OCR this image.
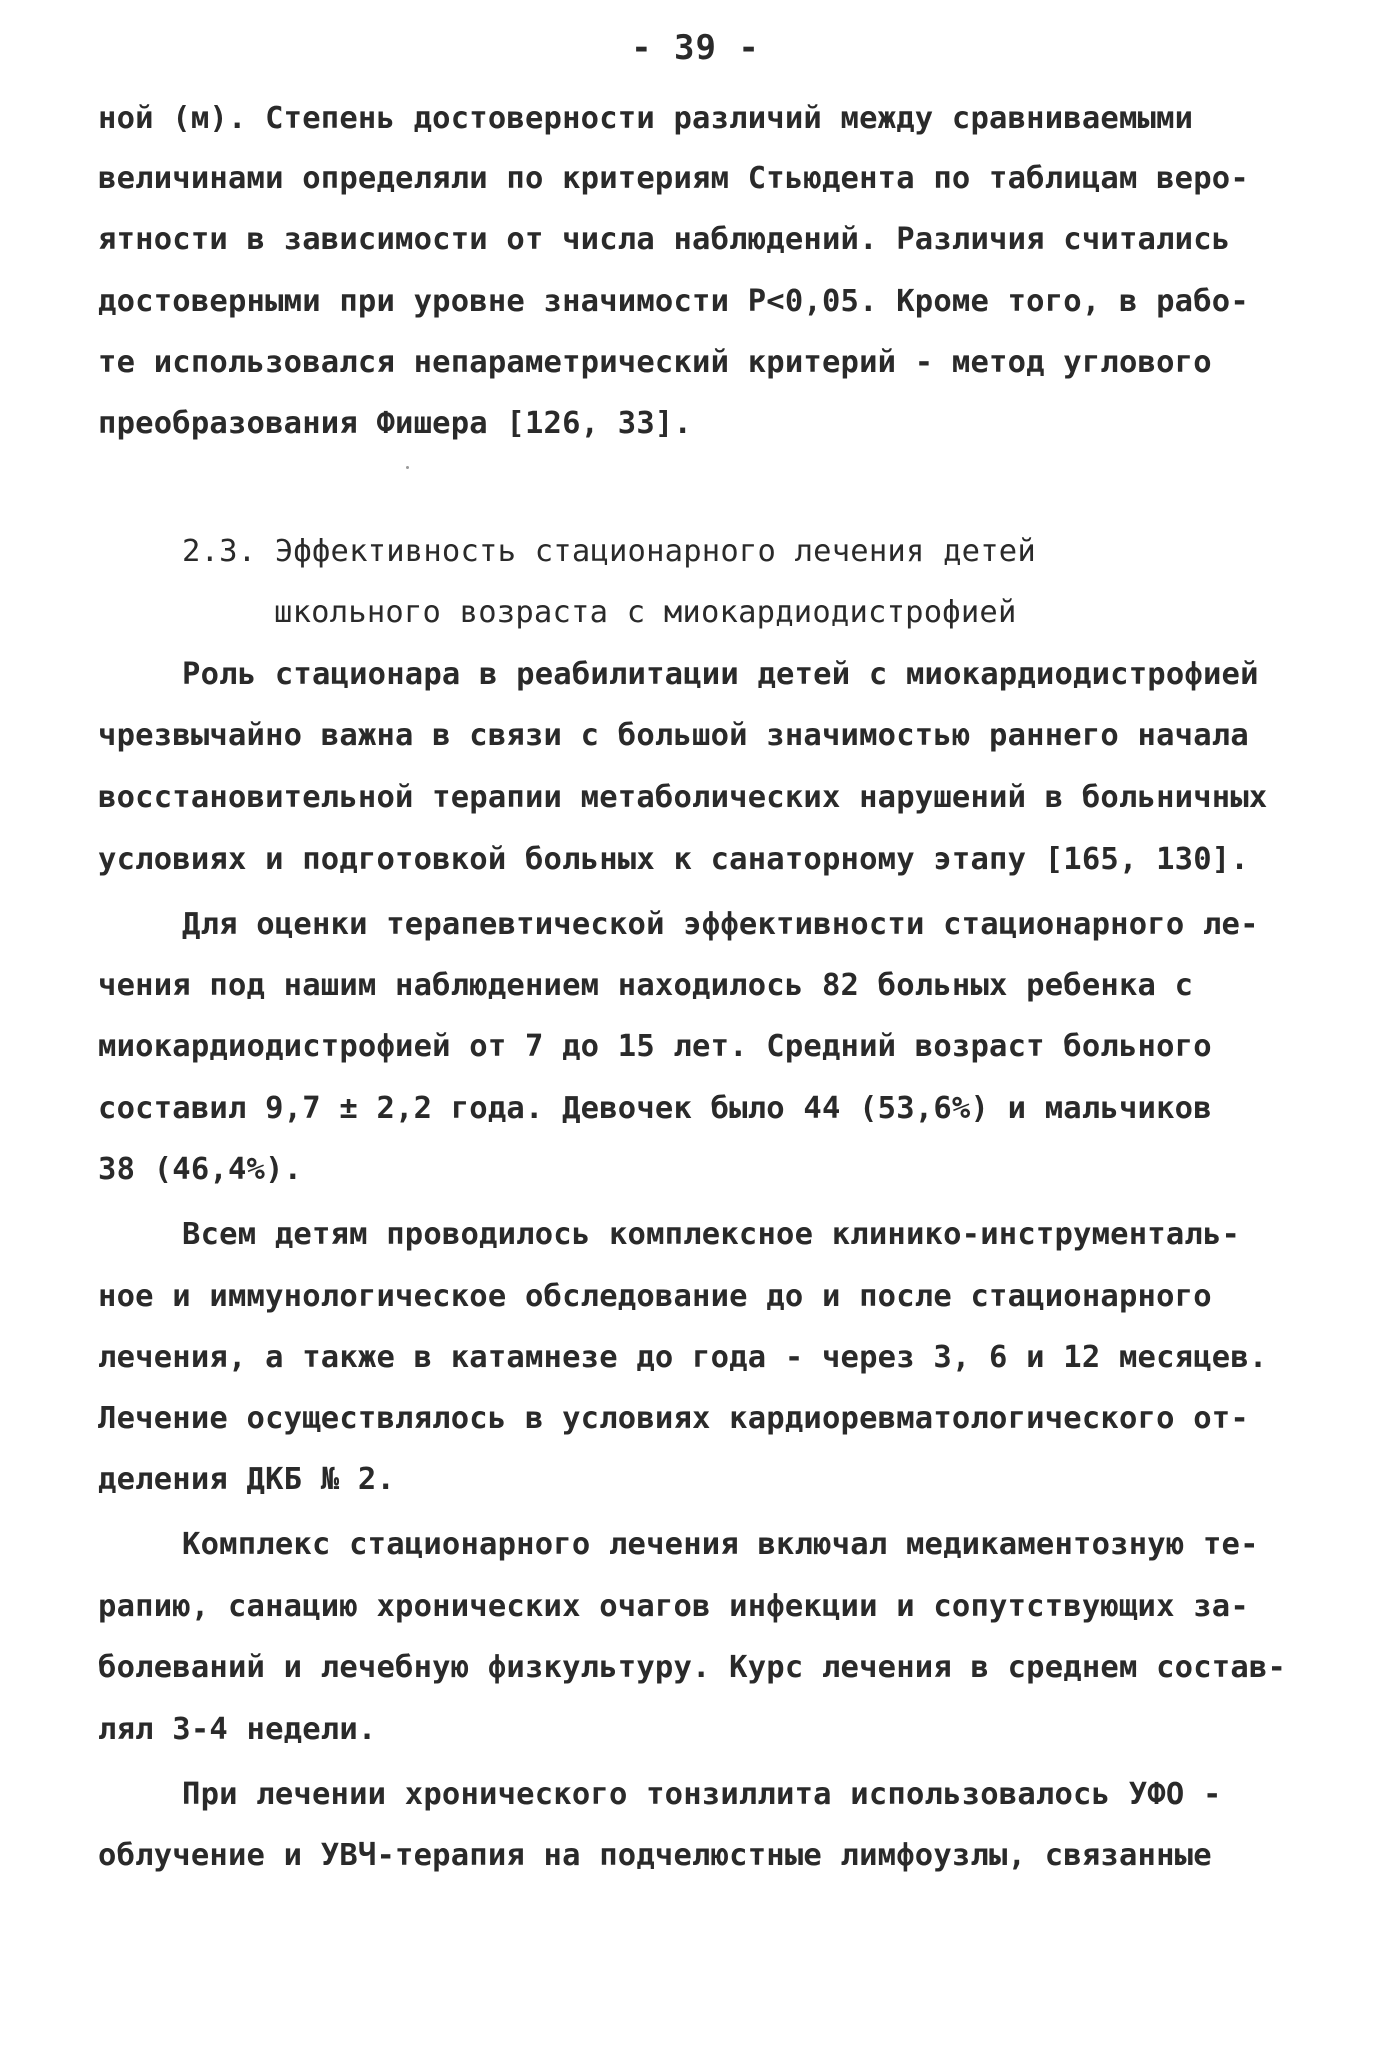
- 39 -
ной (м). Степень достоверности различий между сравниваемыми
величинами определяли по критериям Стьюдента по таблицам веро-
ятности в зависимости от числа наблюдений. Различия считались
достоверными при уровне значимости P<0,05. Кроме того, в рабо-
те использовался непараметрический критерий - метод углового
преобразования Фишера [126, 33].
2.3. Эффективность стационарного лечения детей
школьного возраста с миокардиодистрофией
Роль стационара в реабилитации детей с миокардиодистрофией
чрезвычайно важна в связи с большой значимостью раннего начала
восстановительной терапии метаболических нарушений в больничных
условиях и подготовкой больных к санаторному этапу [165, 130].
Для оценки терапевтической эффективности стационарного ле-
чения под нашим наблюдением находилось 82 больных ребенка с
миокардиодистрофией от 7 до 15 лет. Средний возраст больного
составил 9,7 ± 2,2 года. Девочек было 44 (53,6%) и мальчиков
38 (46,4%).
Всем детям проводилось комплексное клинико-инструменталь-
ное и иммунологическое обследование до и после стационарного
лечения, а также в катамнезе до года - через 3, 6 и 12 месяцев.
Лечение осуществлялось в условиях кардиоревматологического от-
деления ДКБ № 2.
Комплекс стационарного лечения включал медикаментозную те-
рапию, санацию хронических очагов инфекции и сопутствующих за-
болеваний и лечебную физкультуру. Курс лечения в среднем состав-
лял 3-4 недели.
При лечении хронического тонзиллита использовалось УФО -
облучение и УВЧ-терапия на подчелюстные лимфоузлы, связанные
